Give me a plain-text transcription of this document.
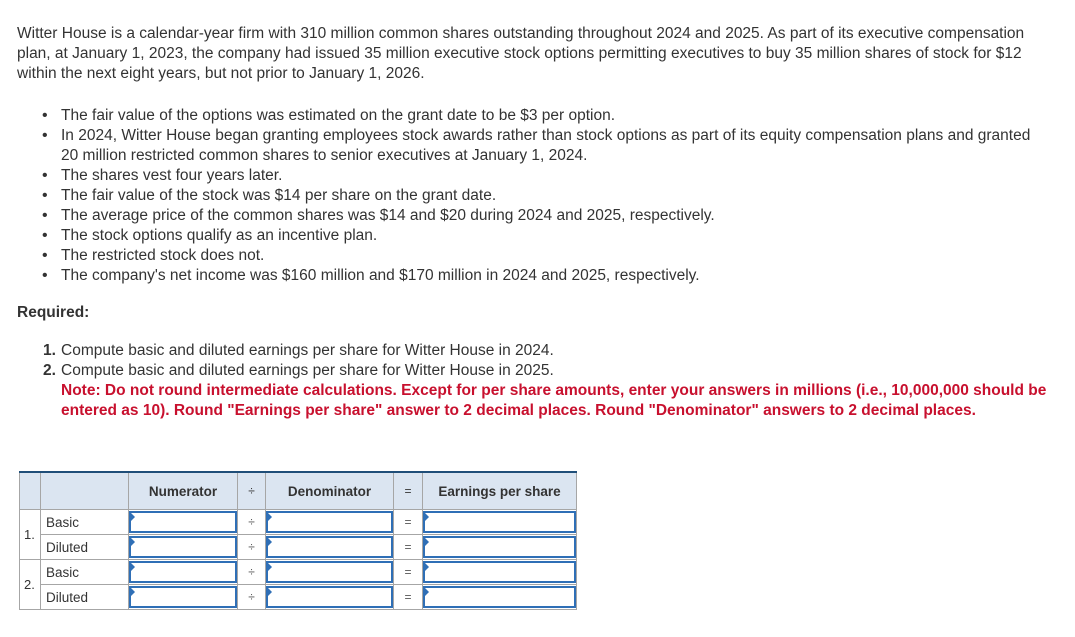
Witter House is a calendar-year firm with 310 million common shares outstanding throughout 2024 and 2025. As part of its executive compensation plan, at January 1, 2023, the company had issued 35 million executive stock options permitting executives to buy 35 million shares of stock for $12 within the next eight years, but not prior to January 1, 2026.

• The fair value of the options was estimated on the grant date to be $3 per option.
• In 2024, Witter House began granting employees stock awards rather than stock options as part of its equity compensation plans and granted 20 million restricted common shares to senior executives at January 1, 2024.
• The shares vest four years later.
• The fair value of the stock was $14 per share on the grant date.
• The average price of the common shares was $14 and $20 during 2024 and 2025, respectively.
• The stock options qualify as an incentive plan.
• The restricted stock does not.
• The company's net income was $160 million and $170 million in 2024 and 2025, respectively.

Required:

1. Compute basic and diluted earnings per share for Witter House in 2024.
2. Compute basic and diluted earnings per share for Witter House in 2025.

Note: Do not round intermediate calculations. Except for per share amounts, enter your answers in millions (i.e., 10,000,000 should be entered as 10). Round "Earnings per share" answer to 2 decimal places. Round "Denominator" answers to 2 decimal places.

		Numerator	÷	Denominator	=	Earnings per share
1.	Basic		÷		=	

	Diluted		÷		=	

2.	Basic		÷		=	

	Diluted		÷		=	
